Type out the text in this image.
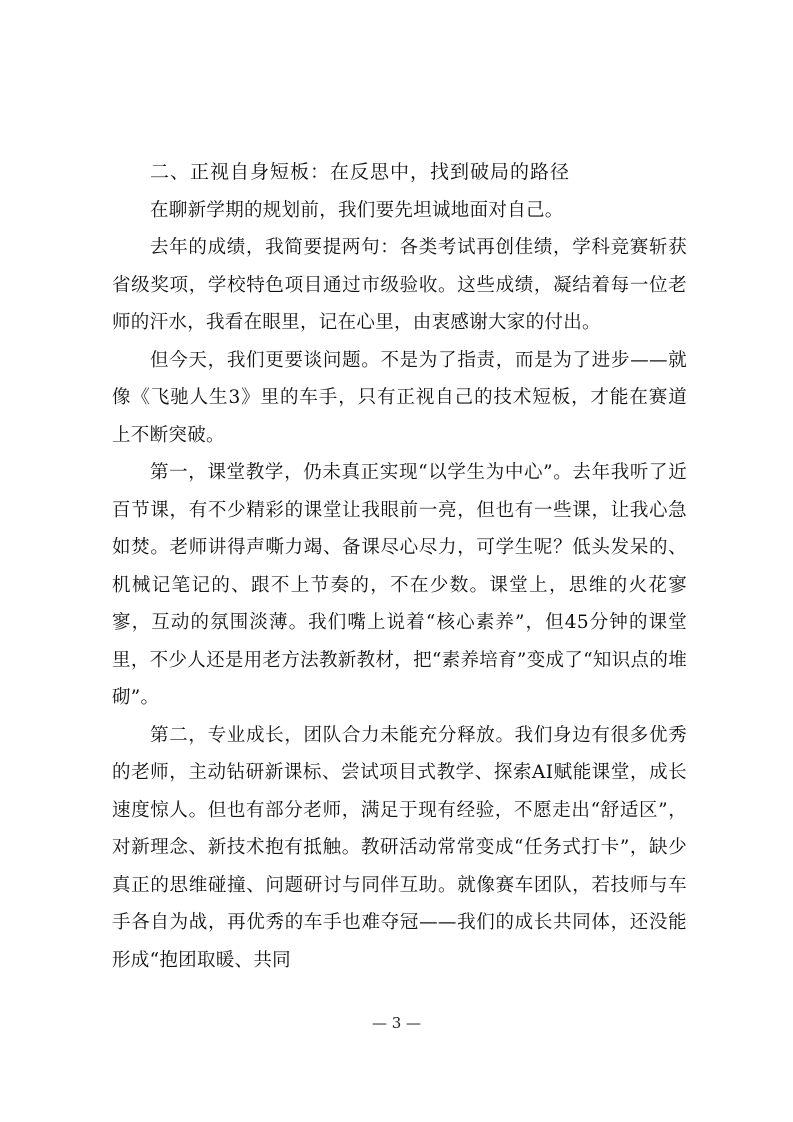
二、正视自身短板：在反思中，找到破局的路径

在聊新学期的规划前，我们要先坦诚地面对自己。

去年的成绩，我简要提两句：各类考试再创佳绩，学科竞赛斩获省级奖项，学校特色项目通过市级验收。这些成绩，凝结着每一位老师的汗水，我看在眼里，记在心里，由衷感谢大家的付出。

但今天，我们更要谈问题。不是为了指责，而是为了进步——就像《飞驰人生3》里的车手，只有正视自己的技术短板，才能在赛道上不断突破。

第一，课堂教学，仍未真正实现“以学生为中心”。去年我听了近百节课，有不少精彩的课堂让我眼前一亮，但也有一些课，让我心急如焚。老师讲得声嘶力竭、备课尽心尽力，可学生呢？低头发呆的、机械记笔记的、跟不上节奏的，不在少数。课堂上，思维的火花寥寥，互动的氛围淡薄。我们嘴上说着“核心素养”，但45分钟的课堂里，不少人还是用老方法教新教材，把“素养培育”变成了“知识点的堆砌”。

第二，专业成长，团队合力未能充分释放。我们身边有很多优秀的老师，主动钻研新课标、尝试项目式教学、探索AI赋能课堂，成长速度惊人。但也有部分老师，满足于现有经验，不愿走出“舒适区”，对新理念、新技术抱有抵触。教研活动常常变成“任务式打卡”，缺少真正的思维碰撞、问题研讨与同伴互助。就像赛车团队，若技师与车手各自为战，再优秀的车手也难夺冠——我们的成长共同体，还没能形成“抱团取暖、共同

— 3 —
